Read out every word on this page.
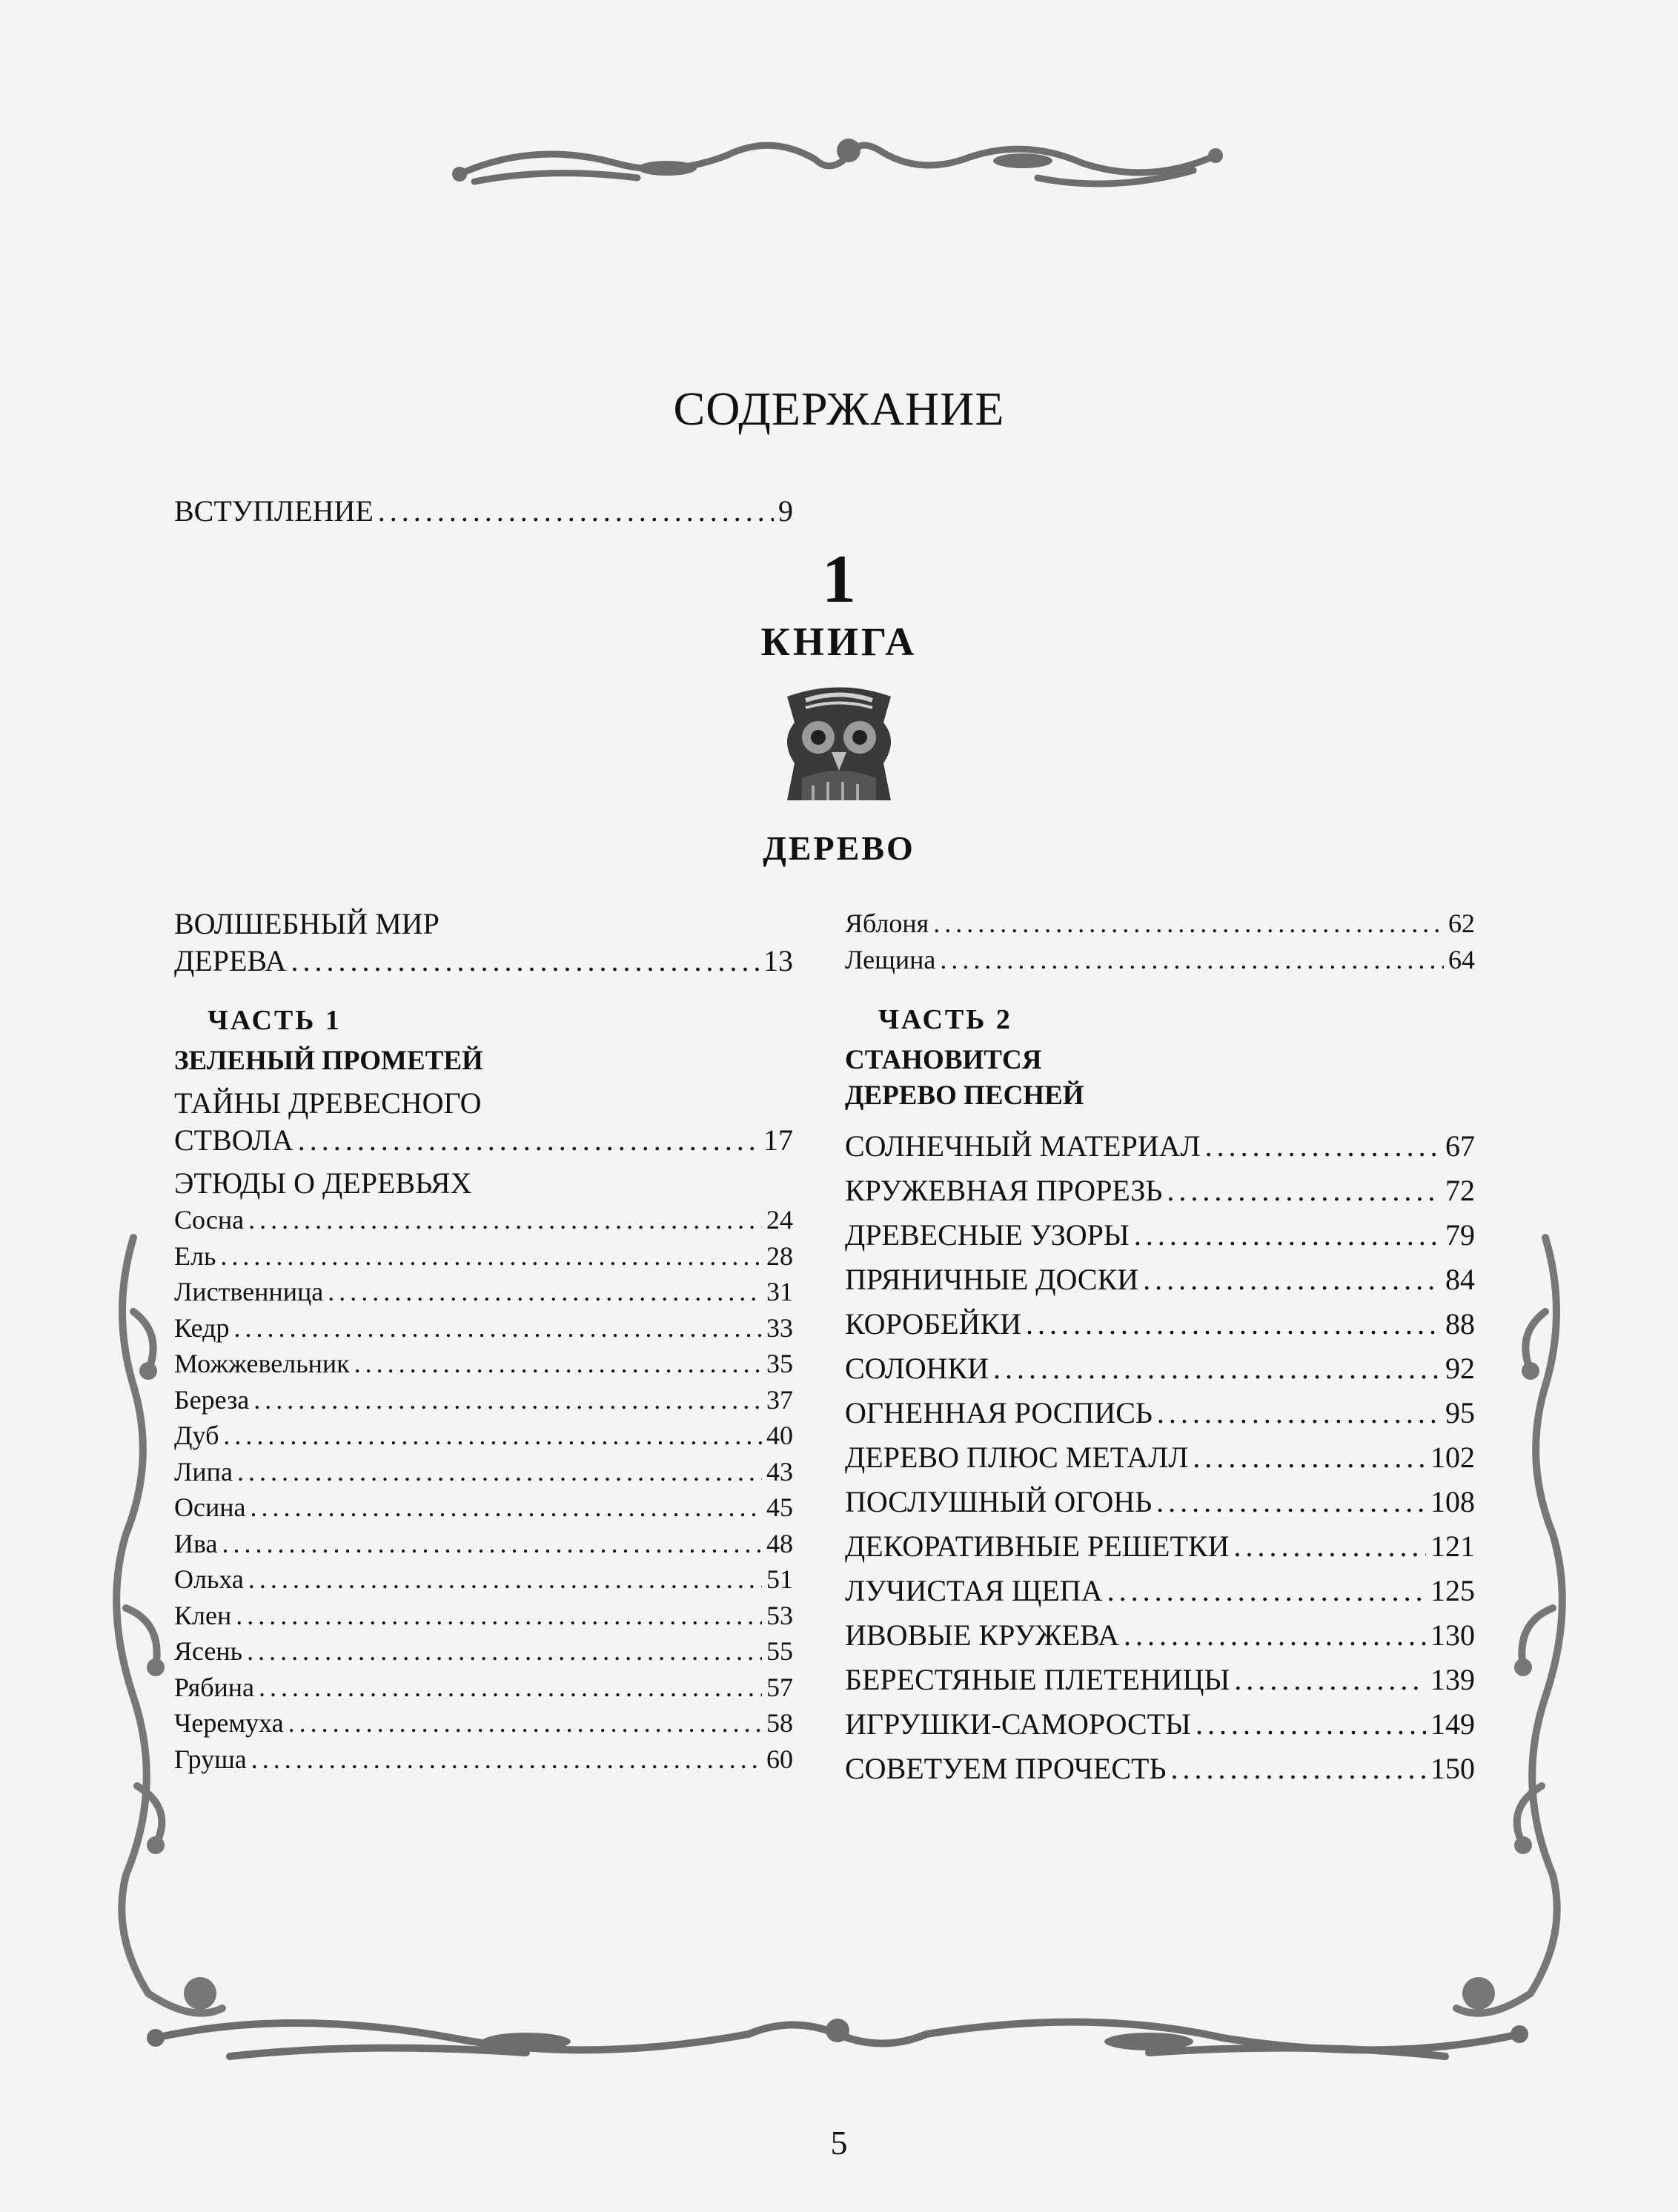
СОДЕРЖАНИЕ
ВСТУПЛЕНИЕ .....	9
1
КНИГА
ДЕРЕВО
ВОЛШЕБНЫЙ МИР
ДЕРЕВА .....	13
ЧАСТЬ 1
ЗЕЛЕНЫЙ ПРОМЕТЕЙ
ТАЙНЫ ДРЕВЕСНОГО
СТВОЛА .....	17
ЭТЮДЫ О ДЕРЕВЬЯХ
Сосна .....	24
Ель .....	28
Лиственница .....	31
Кедр .....	33
Можжевельник .....	35
Береза .....	37
Дуб .....	40
Липа .....	43
Осина .....	45
Ива .....	48
Ольха .....	51
Клен .....	53
Ясень .....	55
Рябина .....	57
Черемуха .....	58
Груша .....	60
Яблоня .....	62
Лещина .....	64
ЧАСТЬ 2
СТАНОВИТСЯ
ДЕРЕВО ПЕСНЕЙ
СОЛНЕЧНЫЙ МАТЕРИАЛ .....	67
КРУЖЕВНАЯ ПРОРЕЗЬ .....	72
ДРЕВЕСНЫЕ УЗОРЫ .....	79
ПРЯНИЧНЫЕ ДОСКИ .....	84
КОРОБЕЙКИ .....	88
СОЛОНКИ .....	92
ОГНЕННАЯ РОСПИСЬ .....	95
ДЕРЕВО ПЛЮС МЕТАЛЛ .....	102
ПОСЛУШНЫЙ ОГОНЬ .....	108
ДЕКОРАТИВНЫЕ РЕШЕТКИ .....	121
ЛУЧИСТАЯ ЩЕПА .....	125
ИВОВЫЕ КРУЖЕВА .....	130
БЕРЕСТЯНЫЕ ПЛЕТЕНИЦЫ .....	139
ИГРУШКИ-САМОРОСТЫ .....	149
СОВЕТУЕМ ПРОЧЕСТЬ .....	150
5
